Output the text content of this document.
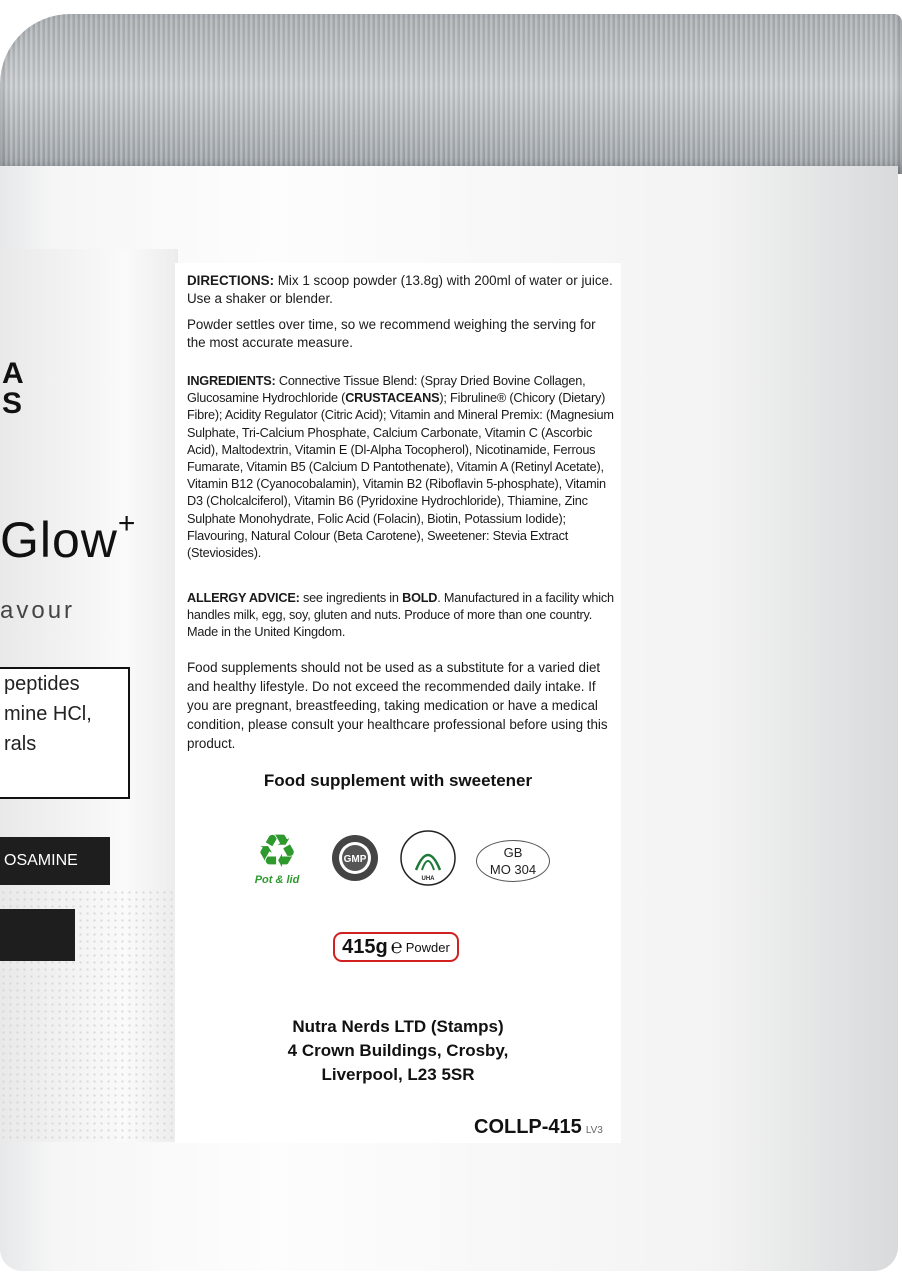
A
S
Glow+
avour
peptides
mine HCl,
rals
OSAMINE
DIRECTIONS: Mix 1 scoop powder (13.8g) with 200ml of water or juice. Use a shaker or blender.
Powder settles over time, so we recommend weighing the serving for the most accurate measure.
INGREDIENTS: Connective Tissue Blend: (Spray Dried Bovine Collagen, Glucosamine Hydrochloride (CRUSTACEANS); Fibruline® (Chicory (Dietary) Fibre); Acidity Regulator (Citric Acid); Vitamin and Mineral Premix: (Magnesium Sulphate, Tri-Calcium Phosphate, Calcium Carbonate, Vitamin C (Ascorbic Acid), Maltodextrin, Vitamin E (Dl-Alpha Tocopherol), Nicotinamide, Ferrous Fumarate, Vitamin B5 (Calcium D Pantothenate), Vitamin A (Retinyl Acetate), Vitamin B12 (Cyanocobalamin), Vitamin B2 (Riboflavin 5-phosphate), Vitamin D3 (Cholcalciferol), Vitamin B6 (Pyridoxine Hydrochloride), Thiamine, Zinc Sulphate Monohydrate, Folic Acid (Folacin), Biotin, Potassium Iodide); Flavouring, Natural Colour (Beta Carotene), Sweetener: Stevia Extract (Steviosides).
ALLERGY ADVICE: see ingredients in BOLD. Manufactured in a facility which handles milk, egg, soy, gluten and nuts. Produce of more than one country. Made in the United Kingdom.
Food supplements should not be used as a substitute for a varied diet and healthy lifestyle. Do not exceed the recommended daily intake. If you are pregnant, breastfeeding, taking medication or have a medical condition, please consult your healthcare professional before using this product.
Food supplement with sweetener
♻
Pot & lid
GMP
UHA
GB
MO 304
415g ℮ Powder
Nutra Nerds LTD (Stamps)
4 Crown Buildings, Crosby,
Liverpool, L23 5SR
COLLP-415 LV3
